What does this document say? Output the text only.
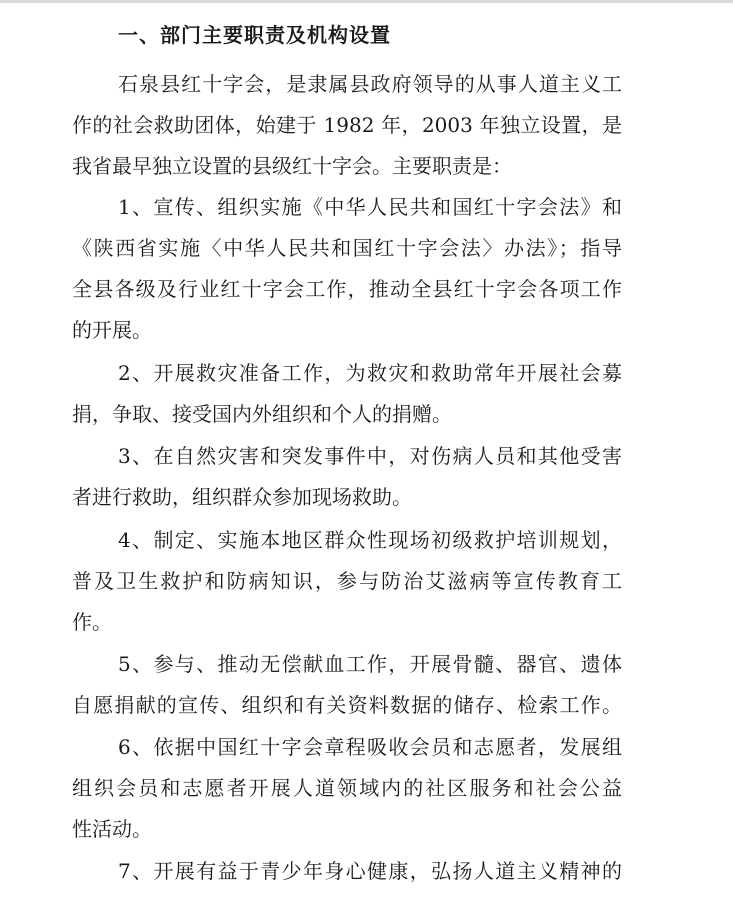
一、部门主要职责及机构设置
石泉县红十字会，是隶属县政府领导的从事人道主义工
作的社会救助团体，始建于 1982 年，2003 年独立设置，是
我省最早独立设置的县级红十字会。主要职责是：
1、宣传、组织实施《中华人民共和国红十字会法》和
《陕西省实施〈中华人民共和国红十字会法〉办法》；指导
全县各级及行业红十字会工作，推动全县红十字会各项工作
的开展。
2、开展救灾准备工作，为救灾和救助常年开展社会募
捐，争取、接受国内外组织和个人的捐赠。
3、在自然灾害和突发事件中，对伤病人员和其他受害
者进行救助，组织群众参加现场救助。
4、制定、实施本地区群众性现场初级救护培训规划，
普及卫生救护和防病知识，参与防治艾滋病等宣传教育工
作。
5、参与、推动无偿献血工作，开展骨髓、器官、遗体
自愿捐献的宣传、组织和有关资料数据的储存、检索工作。
6、依据中国红十字会章程吸收会员和志愿者，发展组
组织会员和志愿者开展人道领域内的社区服务和社会公益
性活动。
7、开展有益于青少年身心健康，弘扬人道主义精神的
